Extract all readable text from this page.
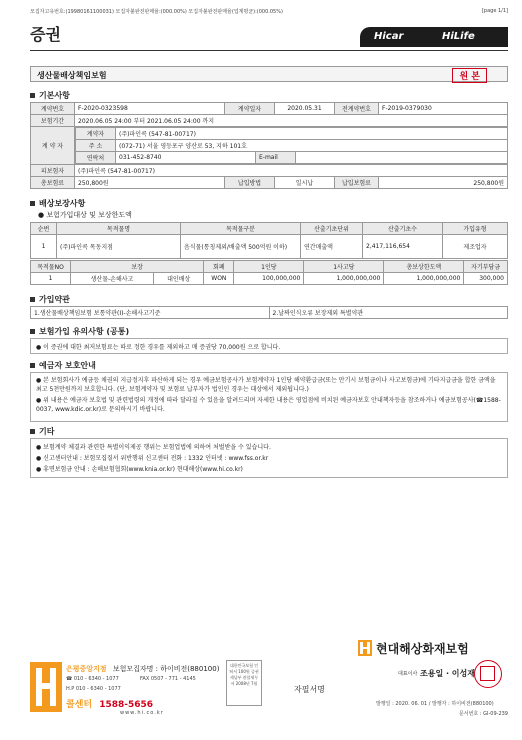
모집자고유번호:(19980161100031) 모집자불완전판매율:(000.00%) 모집자불완전판매율(업계평균):(000.05%)	[page 1/1]
증권	Hicar	HiLife
생산물배상책임보험	원 본
기본사항
계약번호	F-2020-0323598	계약일자	2020.05.31	전계약번호	F-2019-0379030
보험기간	2020.06.05 24:00 부터 2021.06.05 24:00 까지
계 약 자	
계약자	(주)파인콕 (547-81-00717)
주 소	(072-71) 서울 영등포구 양산로 53, 지하 101호
연락처	031-452-8740	E-mail	

피보험자	(주)파인콕 (547-81-00717)
총보험료	250,800원	납입방법	일시납	납입보험료	250,800원
배상보장사항
● 보험가입대상 및 보상한도액
순번	목적물명	목적물구분	산출기초단위	산출기초수	가입유형
1	(주)파인콕 목동지점	음식물(통칭제외/배출액 500억원 이하)	연간매출액	2,417,116,654	제조업자
목적물NO	보장		회폐	1인당	1사고당	총보상한도액	자기부담금
1	생산물-손해사고	대인배상	WON	100,000,000	1,000,000,000	1,000,000,000	300,000
가입약관
1.생산물배상책임보험 보통약관(Ⅰ)-손해사고기준	2.날짜인식오류 보장제외 특별약관
보험가입 유의사항 (공통)
● 이 증권에 대한 최저보험료는 따로 정한 경우를 제외하고 매 증권당 70,000원 으로 합니다.
예금자 보호안내
● 본 보험회사가 예금등 채권의 지급정지후 파산하게 되는 경우 예금보험공사가 보험계약자 1인당 해약환급금(또는 만기시 보험금이나 사고보험금)에 기타지급금을 합한 금액을 최고 5천만원까지 보호합니다. (단, 보험계약자 및 보험료 납부자가 법인인 경우는 대상에서 제외됩니다.)
● 위 내용은 예금자 보호법 및 관련법령의 개정에 따라 달라질 수 있음을 알려드리며 자세한 내용은 영업점에 비치된 예금자보호 안내책자등을 참조하거나 예금보험공사(☎1588-0037, www.kdic.or.kr)로 문의하시기 바랍니다.
기타
● 보험계약 체결과 관련한 특별이익제공 행위는 보험업법에 의하여 처벌받을 수 있습니다.
● 신고센터안내 : 보험모집질서 위반행위 신고센터 전화 : 1332 인터넷 : www.fss.or.kr
● 휴면보험금 안내 : 손해보험협회(www.knia.or.kr) 현대해상(www.hi.co.kr)
은평중앙지점 보험모집자명 : 하이비전(880100)
☎ 010 - 6340 - 1077	FAX 0507 - 771 - 4145
H.P 010 - 6340 - 1077
콜센터 1588-5656
www.hi.co.kr
대한민국보험 인허서 100원 증권세납부 관할세무서 2008년 7월
자필서명
현대해상화재보험
대표이사 조용일 · 이성재
발행일 : 2020. 06. 01 / 발행자 : 하이비전(880100)
문서번호 : GI-09-239
